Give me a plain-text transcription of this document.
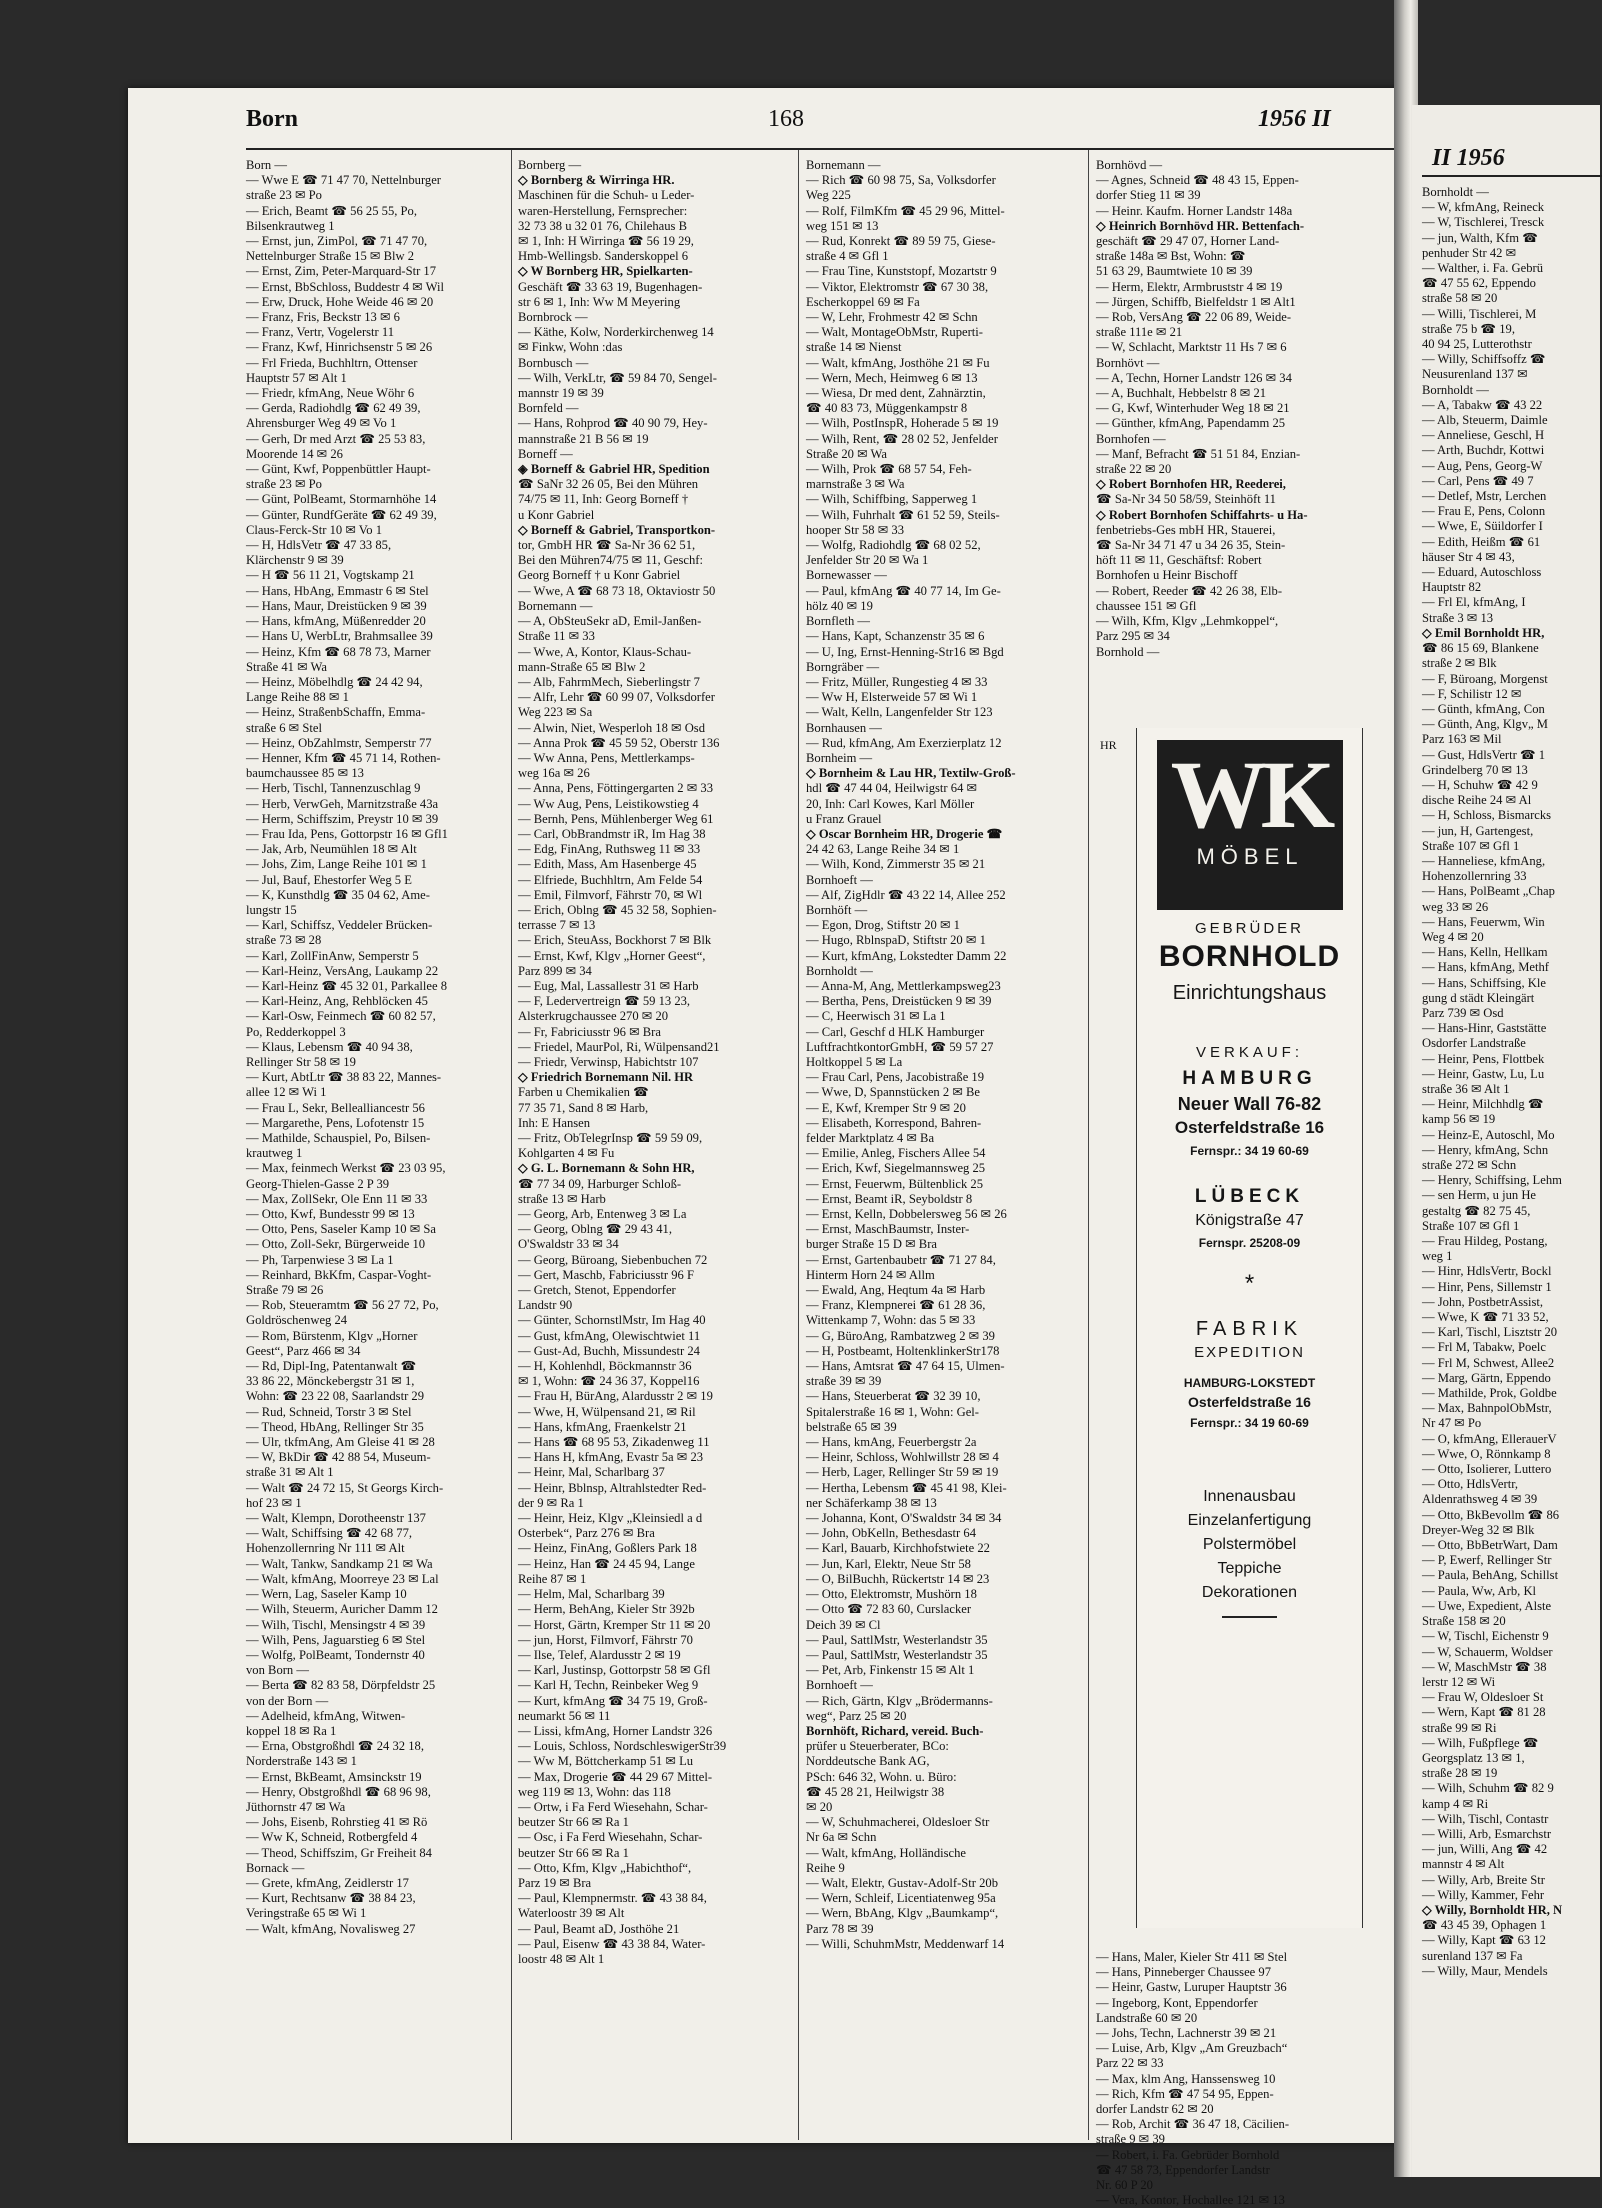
Born	168	1956 II
Born —
— Wwe E ☎ 71 47 70, Nettelnburger
straße 23 ✉ Po
— Erich, Beamt ☎ 56 25 55, Po,
Bilsenkrautweg 1
— Ernst, jun, ZimPol, ☎ 71 47 70,
Nettelnburger Straße 15 ✉ Blw 2
— Ernst, Zim, Peter-Marquard-Str 17
— Ernst, BbSchloss, Buddestr 4 ✉ Wil
— Erw, Druck, Hohe Weide 46 ✉ 20
— Franz, Fris, Beckstr 13 ✉ 6
— Franz, Vertr, Vogelerstr 11
— Franz, Kwf, Hinrichsenstr 5 ✉ 26
— Frl Frieda, Buchhltrn, Ottenser
Hauptstr 57 ✉ Alt 1
— Friedr, kfmAng, Neue Wöhr 6
— Gerda, Radiohdlg ☎ 62 49 39,
Ahrensburger Weg 49 ✉ Vo 1
— Gerh, Dr med Arzt ☎ 25 53 83,
Moorende 14 ✉ 26
— Günt, Kwf, Poppenbüttler Haupt-
straße 23 ✉ Po
— Günt, PolBeamt, Stormarnhöhe 14
— Günter, RundfGeräte ☎ 62 49 39,
Claus-Ferck-Str 10 ✉ Vo 1
— H, HdlsVetr ☎ 47 33 85,
Klärchenstr 9 ✉ 39
— H ☎ 56 11 21, Vogtskamp 21
— Hans, HbAng, Emmastr 6 ✉ Stel
— Hans, Maur, Dreistücken 9 ✉ 39
— Hans, kfmAng, Müßenredder 20
— Hans U, WerbLtr, Brahmsallee 39
— Heinz, Kfm ☎ 68 78 73, Marner
Straße 41 ✉ Wa
— Heinz, Möbelhdlg ☎ 24 42 94,
Lange Reihe 88 ✉ 1
— Heinz, StraßenbSchaffn, Emma-
straße 6 ✉ Stel
— Heinz, ObZahlmstr, Semperstr 77
— Henner, Kfm ☎ 45 71 14, Rothen-
baumchaussee 85 ✉ 13
— Herb, Tischl, Tannenzuschlag 9
— Herb, VerwGeh, Marnitzstraße 43a
— Herm, Schiffszim, Preystr 10 ✉ 39
— Frau Ida, Pens, Gottorpstr 16 ✉ Gfl1
— Jak, Arb, Neumühlen 18 ✉ Alt
— Johs, Zim, Lange Reihe 101 ✉ 1
— Jul, Bauf, Ehestorfer Weg 5 E
— K, Kunsthdlg ☎ 35 04 62, Ame-
lungstr 15
— Karl, Schiffsz, Veddeler Brücken-
straße 73 ✉ 28
— Karl, ZollFinAnw, Semperstr 5
— Karl-Heinz, VersAng, Laukamp 22
— Karl-Heinz ☎ 45 32 01, Parkallee 8
— Karl-Heinz, Ang, Rehblöcken 45
— Karl-Osw, Feinmech ☎ 60 82 57,
Po, Redderkoppel 3
— Klaus, Lebensm ☎ 40 94 38,
Rellinger Str 58 ✉ 19
— Kurt, AbtLtr ☎ 38 83 22, Mannes-
allee 12 ✉ Wi 1
— Frau L, Sekr, Bellealliancestr 56
— Margarethe, Pens, Lofotenstr 15
— Mathilde, Schauspiel, Po, Bilsen-
krautweg 1
— Max, feinmech Werkst ☎ 23 03 95,
Georg-Thielen-Gasse 2 P 39
— Max, ZollSekr, Ole Enn 11 ✉ 33
— Otto, Kwf, Bundesstr 99 ✉ 13
— Otto, Pens, Saseler Kamp 10 ✉ Sa
— Otto, Zoll-Sekr, Bürgerweide 10
— Ph, Tarpenwiese 3 ✉ La 1
— Reinhard, BkKfm, Caspar-Voght-
Straße 79 ✉ 26
— Rob, Steueramtm ☎ 56 27 72, Po,
Goldröschenweg 24
— Rom, Bürstenm, Klgv „Horner
Geest“, Parz 466 ✉ 34
— Rd, Dipl-Ing, Patentanwalt ☎
33 86 22, Mönckebergstr 31 ✉ 1,
Wohn: ☎ 23 22 08, Saarlandstr 29
— Rud, Schneid, Torstr 3 ✉ Stel
— Theod, HbAng, Rellinger Str 35
— Ulr, tkfmAng, Am Gleise 41 ✉ 28
— W, BkDir ☎ 42 88 54, Museum-
straße 31 ✉ Alt 1
— Walt ☎ 24 72 15, St Georgs Kirch-
hof 23 ✉ 1
— Walt, Klempn, Dorotheenstr 137
— Walt, Schiffsing ☎ 42 68 77,
Hohenzollernring Nr 111 ✉ Alt
— Walt, Tankw, Sandkamp 21 ✉ Wa
— Walt, kfmAng, Moorreye 23 ✉ Lal
— Wern, Lag, Saseler Kamp 10
— Wilh, Steuerm, Auricher Damm 12
— Wilh, Tischl, Mensingstr 4 ✉ 39
— Wilh, Pens, Jaguarstieg 6 ✉ Stel
— Wolfg, PolBeamt, Tondernstr 40
von Born —
— Berta ☎ 82 83 58, Dörpfeldstr 25
von der Born —
— Adelheid, kfmAng, Witwen-
koppel 18 ✉ Ra 1
— Erna, Obstgroßhdl ☎ 24 32 18,
Norderstraße 143 ✉ 1
— Ernst, BkBeamt, Amsinckstr 19
— Henry, Obstgroßhdl ☎ 68 96 98,
Jüthornstr 47 ✉ Wa
— Johs, Eisenb, Rohrstieg 41 ✉ Rö
— Ww K, Schneid, Rotbergfeld 4
— Theod, Schiffszim, Gr Freiheit 84
Bornack —
— Grete, kfmAng, Zeidlerstr 17
— Kurt, Rechtsanw ☎ 38 84 23,
Veringstraße 65 ✉ Wi 1
— Walt, kfmAng, Novalisweg 27
Bornberg —
◇ Bornberg & Wirringa HR.
Maschinen für die Schuh- u Leder-
waren-Herstellung, Fernsprecher:
32 73 38 u 32 01 76, Chilehaus B
✉ 1, Inh: H Wirringa ☎ 56 19 29,
Hmb-Wellingsb. Sanderskoppel 6
◇ W Bornberg HR, Spielkarten-
Geschäft ☎ 33 63 19, Bugenhagen-
str 6 ✉ 1, Inh: Ww M Meyering
Bornbrock —
— Käthe, Kolw, Norderkirchenweg 14
✉ Finkw, Wohn :das
Bornbusch —
— Wilh, VerkLtr, ☎ 59 84 70, Sengel-
mannstr 19 ✉ 39
Bornfeld —
— Hans, Rohprod ☎ 40 90 79, Hey-
mannstraße 21 B 56 ✉ 19
Borneff —
◈ Borneff & Gabriel HR, Spedition
☎ SaNr 32 26 05, Bei den Mühren
74/75 ✉ 11, Inh: Georg Borneff †
u Konr Gabriel
◇ Borneff & Gabriel, Transportkon-
tor, GmbH HR ☎ Sa-Nr 36 62 51,
Bei den Mühren74/75 ✉ 11, Geschf:
Georg Borneff † u Konr Gabriel
— Wwe, A ☎ 68 73 18, Oktaviostr 50
Bornemann —
— A, ObSteuSekr aD, Emil-Janßen-
Straße 11 ✉ 33
— Wwe, A, Kontor, Klaus-Schau-
mann-Straße 65 ✉ Blw 2
— Alb, FahrmMech, Sieberlingstr 7
— Alfr, Lehr ☎ 60 99 07, Volksdorfer
Weg 223 ✉ Sa
— Alwin, Niet, Wesperloh 18 ✉ Osd
— Anna Prok ☎ 45 59 52, Oberstr 136
— Ww Anna, Pens, Mettlerkamps-
weg 16a ✉ 26
— Anna, Pens, Föttingergarten 2 ✉ 33
— Ww Aug, Pens, Leistikowstieg 4
— Bernh, Pens, Mühlenberger Weg 61
— Carl, ObBrandmstr iR, Im Hag 38
— Edg, FinAng, Ruthsweg 11 ✉ 33
— Edith, Mass, Am Hasenberge 45
— Elfriede, Buchhltrn, Am Felde 54
— Emil, Filmvorf, Fährstr 70, ✉ Wl
— Erich, Oblng ☎ 45 32 58, Sophien-
terrasse 7 ✉ 13
— Erich, SteuAss, Bockhorst 7 ✉ Blk
— Ernst, Kwf, Klgv „Horner Geest“,
Parz 899 ✉ 34
— Eug, Mal, Lassallestr 31 ✉ Harb
— F, Ledervertreign ☎ 59 13 23,
Alsterkrugchaussee 270 ✉ 20
— Fr, Fabriciusstr 96 ✉ Bra
— Friedel, MaurPol, Ri, Wülpensand21
— Friedr, Verwinsp, Habichtstr 107
◇ Friedrich Bornemann Nil. HR
Farben u Chemikalien ☎
77 35 71, Sand 8 ✉ Harb,
Inh: E Hansen
— Fritz, ObTelegrInsp ☎ 59 59 09,
Kohlgarten 4 ✉ Fu
◇ G. L. Bornemann & Sohn HR,
☎ 77 34 09, Harburger Schloß-
straße 13 ✉ Harb
— Georg, Arb, Entenweg 3 ✉ La
— Georg, Oblng ☎ 29 43 41,
O'Swaldstr 33 ✉ 34
— Georg, Büroang, Siebenbuchen 72
— Gert, Maschb, Fabriciusstr 96 F
— Gretch, Stenot, Eppendorfer
Landstr 90
— Günter, SchornstlMstr, Im Hag 40
— Gust, kfmAng, Olewischtwiet 11
— Gust-Ad, Buchh, Missundestr 24
— H, Kohlenhdl, Böckmannstr 36
✉ 1, Wohn: ☎ 24 36 37, Koppel16
— Frau H, BürAng, Alardusstr 2 ✉ 19
— Wwe, H, Wülpensand 21, ✉ Ril
— Hans, kfmAng, Fraenkelstr 21
— Hans ☎ 68 95 53, Zikadenweg 11
— Hans H, kfmAng, Evastr 5a ✉ 23
— Heinr, Mal, Scharlbarg 37
— Heinr, Bblnsp, Altrahlstedter Red-
der 9 ✉ Ra 1
— Heinr, Heiz, Klgv „Kleinsiedl a d
Osterbek“, Parz 276 ✉ Bra
— Heinz, FinAng, Goßlers Park 18
— Heinz, Han ☎ 24 45 94, Lange
Reihe 87 ✉ 1
— Helm, Mal, Scharlbarg 39
— Herm, BehAng, Kieler Str 392b
— Horst, Gärtn, Kremper Str 11 ✉ 20
— jun, Horst, Filmvorf, Fährstr 70
— Ilse, Telef, Alardusstr 2 ✉ 19
— Karl, Justinsp, Gottorpstr 58 ✉ Gfl
— Karl H, Techn, Reinbeker Weg 9
— Kurt, kfmAng ☎ 34 75 19, Groß-
neumarkt 56 ✉ 11
— Lissi, kfmAng, Horner Landstr 326
— Louis, Schloss, NordschleswigerStr39
— Ww M, Böttcherkamp 51 ✉ Lu
— Max, Drogerie ☎ 44 29 67 Mittel-
weg 119 ✉ 13, Wohn: das 118
— Ortw, i Fa Ferd Wiesehahn, Schar-
beutzer Str 66 ✉ Ra 1
— Osc, i Fa Ferd Wiesehahn, Schar-
beutzer Str 66 ✉ Ra 1
— Otto, Kfm, Klgv „Habichthof“,
Parz 19 ✉ Bra
— Paul, Klempnermstr. ☎ 43 38 84,
Waterloostr 39 ✉ Alt
— Paul, Beamt aD, Josthöhe 21
— Paul, Eisenw ☎ 43 38 84, Water-
loostr 48 ✉ Alt 1
Bornemann —
— Rich ☎ 60 98 75, Sa, Volksdorfer
Weg 225
— Rolf, FilmKfm ☎ 45 29 96, Mittel-
weg 151 ✉ 13
— Rud, Konrekt ☎ 89 59 75, Giese-
straße 4 ✉ Gfl 1
— Frau Tine, Kunststopf, Mozartstr 9
— Viktor, Elektromstr ☎ 67 30 38,
Escherkoppel 69 ✉ Fa
— W, Lehr, Frohmestr 42 ✉ Schn
— Walt, MontageObMstr, Ruperti-
straße 14 ✉ Nienst
— Walt, kfmAng, Josthöhe 21 ✉ Fu
— Wern, Mech, Heimweg 6 ✉ 13
— Wiesa, Dr med dent, Zahnärztin,
☎ 40 83 73, Müggenkampstr 8
— Wilh, PostInspR, Hoherade 5 ✉ 19
— Wilh, Rent, ☎ 28 02 52, Jenfelder
Straße 20 ✉ Wa
— Wilh, Prok ☎ 68 57 54, Feh-
marnstraße 3 ✉ Wa
— Wilh, Schiffbing, Sapperweg 1
— Wilh, Fuhrhalt ☎ 61 52 59, Steils-
hooper Str 58 ✉ 33
— Wolfg, Radiohdlg ☎ 68 02 52,
Jenfelder Str 20 ✉ Wa 1
Bornewasser —
— Paul, kfmAng ☎ 40 77 14, Im Ge-
hölz 40 ✉ 19
Bornfleth —
— Hans, Kapt, Schanzenstr 35 ✉ 6
— U, Ing, Ernst-Henning-Str16 ✉ Bgd
Borngräber —
— Fritz, Müller, Rungestieg 4 ✉ 33
— Ww H, Elsterweide 57 ✉ Wi 1
— Walt, Kelln, Langenfelder Str 123
Bornhausen —
— Rud, kfmAng, Am Exerzierplatz 12
Bornheim —
◇ Bornheim & Lau HR, Textilw-Groß-
hdl ☎ 47 44 04, Heilwigstr 64 ✉
20, Inh: Carl Kowes, Karl Möller
u Franz Grauel
◇ Oscar Bornheim HR, Drogerie ☎
24 42 63, Lange Reihe 34 ✉ 1
— Wilh, Kond, Zimmerstr 35 ✉ 21
Bornhoeft —
— Alf, ZigHdlr ☎ 43 22 14, Allee 252
Bornhöft —
— Egon, Drog, Stiftstr 20 ✉ 1
— Hugo, RblnspaD, Stiftstr 20 ✉ 1
— Kurt, kfmAng, Lokstedter Damm 22
Bornholdt —
— Anna-M, Ang, Mettlerkampsweg23
— Bertha, Pens, Dreistücken 9 ✉ 39
— C, Heerwisch 31 ✉ La 1
— Carl, Geschf d HLK Hamburger
LuftfrachtkontorGmbH, ☎ 59 57 27
Holtkoppel 5 ✉ La
— Frau Carl, Pens, Jacobistraße 19
— Wwe, D, Spannstücken 2 ✉ Be
— E, Kwf, Kremper Str 9 ✉ 20
— Elisabeth, Korrespond, Bahren-
felder Marktplatz 4 ✉ Ba
— Emilie, Anleg, Fischers Allee 54
— Erich, Kwf, Siegelmannsweg 25
— Ernst, Feuerwm, Bültenblick 25
— Ernst, Beamt iR, Seyboldstr 8
— Ernst, Kelln, Dobbelersweg 56 ✉ 26
— Ernst, MaschBaumstr, Inster-
burger Straße 15 D ✉ Bra
— Ernst, Gartenbaubetr ☎ 71 27 84,
Hinterm Horn 24 ✉ Allm
— Ewald, Ang, Heqtum 4a ✉ Harb
— Franz, Klempnerei ☎ 61 28 36,
Wittenkamp 7, Wohn: das 5 ✉ 33
— G, BüroAng, Rambatzweg 2 ✉ 39
— H, Postbeamt, HoltenklinkerStr178
— Hans, Amtsrat ☎ 47 64 15, Ulmen-
straße 39 ✉ 39
— Hans, Steuerberat ☎ 32 39 10,
Spitalerstraße 16 ✉ 1, Wohn: Gel-
belstraße 65 ✉ 39
— Hans, kmAng, Feuerbergstr 2a
— Heinr, Schloss, Wohlwillstr 28 ✉ 4
— Herb, Lager, Rellinger Str 59 ✉ 19
— Hertha, Lebensm ☎ 45 41 98, Klei-
ner Schäferkamp 38 ✉ 13
— Johanna, Kont, O'Swaldstr 34 ✉ 34
— John, ObKelln, Bethesdastr 64
— Karl, Bauarb, Kirchhofstwiete 22
— Jun, Karl, Elektr, Neue Str 58
— O, BilBuchh, Rückertstr 14 ✉ 23
— Otto, Elektromstr, Mushörn 18
— Otto ☎ 72 83 60, Curslacker
Deich 39 ✉ Cl
— Paul, SattlMstr, Westerlandstr 35
— Paul, SattlMstr, Westerlandstr 35
— Pet, Arb, Finkenstr 15 ✉ Alt 1
Bornhoeft —
— Rich, Gärtn, Klgv „Brödermanns-
weg“, Parz 25 ✉ 20
Bornhöft, Richard, vereid. Buch-
prüfer u Steuerberater, BCo:
Norddeutsche Bank AG,
PSch: 646 32, Wohn. u. Büro:
☎ 45 28 21, Heilwigstr 38
✉ 20
— W, Schuhmacherei, Oldesloer Str
Nr 6a ✉ Schn
— Walt, kfmAng, Holländische
Reihe 9
— Walt, Elektr, Gustav-Adolf-Str 20b
— Wern, Schleif, Licentiatenweg 95a
— Wern, BbAng, Klgv „Baumkamp“,
Parz 78 ✉ 39
— Willi, SchuhmMstr, Meddenwarf 14
Bornhövd —
— Agnes, Schneid ☎ 48 43 15, Eppen-
dorfer Stieg 11 ✉ 39
— Heinr. Kaufm. Horner Landstr 148a
◇ Heinrich Bornhövd HR. Bettenfach-
geschäft ☎ 29 47 07, Horner Land-
straße 148a ✉ Bst, Wohn: ☎
51 63 29, Baumtwiete 10 ✉ 39
— Herm, Elektr, Armbruststr 4 ✉ 19
— Jürgen, Schiffb, Bielfeldstr 1 ✉ Alt1
— Rob, VersAng ☎ 22 06 89, Weide-
straße 111e ✉ 21
— W, Schlacht, Marktstr 11 Hs 7 ✉ 6
Bornhövt —
— A, Techn, Horner Landstr 126 ✉ 34
— A, Buchhalt, Hebbelstr 8 ✉ 21
— G, Kwf, Winterhuder Weg 18 ✉ 21
— Günther, kfmAng, Papendamm 25
Bornhofen —
— Manf, Befracht ☎ 51 51 84, Enzian-
straße 22 ✉ 20
◇ Robert Bornhofen HR, Reederei,
☎ Sa-Nr 34 50 58/59, Steinhöft 11
◇ Robert Bornhofen Schiffahrts- u Ha-
fenbetriebs-Ges mbH HR, Stauerei,
☎ Sa-Nr 34 71 47 u 34 26 35, Stein-
höft 11 ✉ 11, Geschäftsf: Robert
Bornhofen u Heinr Bischoff
— Robert, Reeder ☎ 42 26 38, Elb-
chaussee 151 ✉ Gfl
— Wilh, Kfm, Klgv „Lehmkoppel“,
Parz 295 ✉ 34
Bornhold —
WK
MÖBEL
GEBRÜDER
BORNHOLD
Einrichtungshaus
VERKAUF:
HAMBURG
Neuer Wall 76-82
Osterfeldstraße 16
Fernspr.: 34 19 60-69
LÜBECK
Königstraße 47
Fernspr. 25208-09
*
FABRIK
EXPEDITION
HAMBURG-LOKSTEDT
Osterfeldstraße 16
Fernspr.: 34 19 60-69
Innenausbau
Einzelanfertigung
Polstermöbel
Teppiche
Dekorationen
HR
— Hans, Maler, Kieler Str 411 ✉ Stel
— Hans, Pinneberger Chaussee 97
— Heinr, Gastw, Luruper Hauptstr 36
— Ingeborg, Kont, Eppendorfer
Landstraße 60 ✉ 20
— Johs, Techn, Lachnerstr 39 ✉ 21
— Luise, Arb, Klgv „Am Greuzbach“
Parz 22 ✉ 33
— Max, klm Ang, Hanssensweg 10
— Rich, Kfm ☎ 47 54 95, Eppen-
dorfer Landstr 62 ✉ 20
— Rob, Archit ☎ 36 47 18, Cäcilien-
straße 9 ✉ 39
— Robert, i. Fa. Gebrüder Bornhold
☎ 47 58 73, Eppendorfer Landstr
Nr. 60 P 20
— Vera, Kontor, Hochallee 121 ✉ 13
II 1956
Bornholdt —
— W, kfmAng, Reineck
— W, Tischlerei, Tresck
— jun, Walth, Kfm ☎
penhuder Str 42 ✉
— Walther, i. Fa. Gebrü
☎ 47 55 62, Eppendo
straße 58 ✉ 20
— Willi, Tischlerei, M
straße 75 b ☎ 19,
40 94 25, Lutterothstr
— Willy, Schiffsoffz ☎
Neusurenland 137 ✉
Bornholdt —
— A, Tabakw ☎ 43 22
— Alb, Steuerm, Daimle
— Anneliese, Geschl, H
— Arth, Buchdr, Kottwi
— Aug, Pens, Georg-W
— Carl, Pens ☎ 49 7
— Detlef, Mstr, Lerchen
— Frau E, Pens, Colonn
— Wwe, E, Süildorfer I
— Edith, Heißm ☎ 61
häuser Str 4 ✉ 43,
— Eduard, Autoschloss
Hauptstr 82
— Frl El, kfmAng, I
Straße 3 ✉ 13
◇ Emil Bornholdt HR,
☎ 86 15 69, Blankene
straße 2 ✉ Blk
— F, Büroang, Morgenst
— F, Schilistr 12 ✉
— Günth, kfmAng, Con
— Günth, Ang, Klgv„ M
Parz 163 ✉ Mil
— Gust, HdlsVertr ☎ 1
Grindelberg 70 ✉ 13
— H, Schuhw ☎ 42 9
dische Reihe 24 ✉ Al
— H, Schloss, Bismarcks
— jun, H, Gartengest,
Straße 107 ✉ Gfl 1
— Hanneliese, kfmAng,
Hohenzollernring 33
— Hans, PolBeamt „Chap
weg 33 ✉ 26
— Hans, Feuerwm, Win
Weg 4 ✉ 20
— Hans, Kelln, Hellkam
— Hans, kfmAng, Methf
— Hans, Schiffsing, Kle
gung d städt Kleingärt
Parz 739 ✉ Osd
— Hans-Hinr, Gaststätte
Osdorfer Landstraße
— Heinr, Pens, Flottbek
— Heinr, Gastw, Lu, Lu
straße 36 ✉ Alt 1
— Heinr, Milchhdlg ☎
kamp 56 ✉ 19
— Heinz-E, Autoschl, Mo
— Henry, kfmAng, Schn
straße 272 ✉ Schn
— Henry, Schiffsing, Lehm
— sen Herm, u jun He
gestaltg ☎ 82 75 45,
Straße 107 ✉ Gfl 1
— Frau Hildeg, Postang,
weg 1
— Hinr, HdlsVertr, Bockl
— Hinr, Pens, Sillemstr 1
— John, PostbetrAssist,
— Wwe, K ☎ 71 33 52,
— Karl, Tischl, Lisztstr 20
— Frl M, Tabakw, Poelc
— Frl M, Schwest, Allee2
— Marg, Gärtn, Eppendo
— Mathilde, Prok, Goldbe
— Max, BahnpolObMstr,
Nr 47 ✉ Po
— O, kfmAng, EllerauerV
— Wwe, O, Rönnkamp 8
— Otto, Isolierer, Luttero
— Otto, HdlsVertr,
Aldenrathsweg 4 ✉ 39
— Otto, BkBevollm ☎ 86
Dreyer-Weg 32 ✉ Blk
— Otto, BbBetrWart, Dam
— P, Ewerf, Rellinger Str
— Paula, BehAng, Schillst
— Paula, Ww, Arb, Kl
— Uwe, Expedient, Alste
Straße 158 ✉ 20
— W, Tischl, Eichenstr 9
— W, Schauerm, Woldser
— W, MaschMstr ☎ 38
lerstr 12 ✉ Wi
— Frau W, Oldesloer St
— Wern, Kapt ☎ 81 28
straße 99 ✉ Ri
— Wilh, Fußpflege ☎
Georgsplatz 13 ✉ 1,
straße 28 ✉ 19
— Wilh, Schuhm ☎ 82 9
kamp 4 ✉ Ri
— Wilh, Tischl, Contastr
— Willi, Arb, Esmarchstr
— jun, Willi, Ang ☎ 42
mannstr 4 ✉ Alt
— Willy, Arb, Breite Str
— Willy, Kammer, Fehr
◇ Willy, Bornholdt HR, N
☎ 43 45 39, Ophagen 1
— Willy, Kapt ☎ 63 12
surenland 137 ✉ Fa
— Willy, Maur, Mendels
